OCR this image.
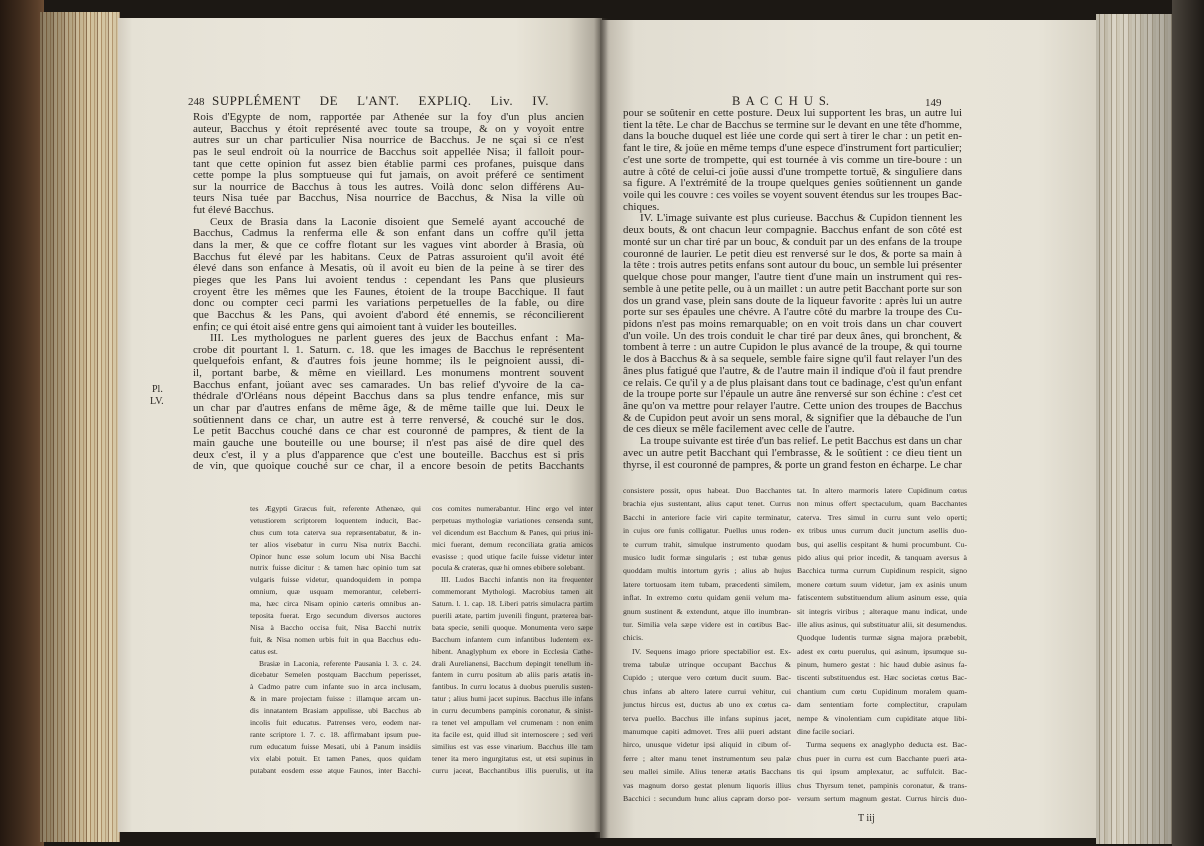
248 SUPPLÉMENT DE L'ANT. EXPLIQ. Liv. IV.
Pl.
LV.
Rois d'Egypte de nom, rapportée par Athenée sur la foy d'un plus ancien
auteur, Bacchus y étoit représenté avec toute sa troupe, & on y voyoit entre
autres sur un char particulier Nisa nourrice de Bacchus. Je ne sçai si ce n'est
pas le seul endroit où la nourrice de Bacchus soit appellée Nisa; il falloit pour-
tant que cette opinion fut assez bien établie parmi ces profanes, puisque dans
cette pompe la plus somptueuse qui fut jamais, on avoit préferé ce sentiment
sur la nourrice de Bacchus à tous les autres. Voilà donc selon différens Au-
teurs Nisa tuée par Bacchus, Nisa nourrice de Bacchus, & Nisa la ville où
fut élevé Bacchus.
Ceux de Brasia dans la Laconie disoient que Semelé ayant accouché de
Bacchus, Cadmus la renferma elle & son enfant dans un coffre qu'il jetta
dans la mer, & que ce coffre flotant sur les vagues vint aborder à Brasia, où
Bacchus fut élevé par les habitans. Ceux de Patras assuroient qu'il avoit été
élevé dans son enfance à Mesatis, où il avoit eu bien de la peine à se tirer des
pieges que les Pans lui avoient tendus : cependant les Pans que plusieurs
croyent être les mêmes que les Faunes, étoient de la troupe Bacchique. Il faut
donc ou compter ceci parmi les variations perpetuelles de la fable, ou dire
que Bacchus & les Pans, qui avoient d'abord été ennemis, se réconcilierent
enfin; ce qui étoit aisé entre gens qui aimoient tant à vuider les bouteilles.
III. Les mythologues ne parlent gueres des jeux de Bacchus enfant : Ma-
crobe dit pourtant l. 1. Saturn. c. 18. que les images de Bacchus le représentent
quelquefois enfant, & d'autres fois jeune homme; ils le peignoient aussi, di-
il, portant barbe, & même en vieillard. Les monumens montrent souvent
Bacchus enfant, joüant avec ses camarades. Un bas relief d'yvoire de la ca-
thédrale d'Orléans nous dépeint Bacchus dans sa plus tendre enfance, mis sur
un char par d'autres enfans de même âge, & de même taille que lui. Deux le
soûtiennent dans ce char, un autre est à terre renversé, & couché sur le dos.
Le petit Bacchus couché dans ce char est couronné de pampres, & tient de la
main gauche une bouteille ou une bourse; il n'est pas aisé de dire quel des
deux c'est, il y a plus d'apparence que c'est une bouteille. Bacchus est si pris
de vin, que quoique couché sur ce char, il a encore besoin de petits Bacchants
tes Ægypti Græcus fuit, referente Athenæo, qui
vetustiorem scriptorem loquentem inducit, Bac-
chus cum tota caterva sua repræsentabatur, & in-
ter alios visebatur in curru Nisa nutrix Bacchi.
Opinor hunc esse solum locum ubi Nisa Bacchi
nutrix fuisse dicitur : & tamen hæc opinio tum sat
vulgaris fuisse videtur, quandoquidem in pompa
omnium, quæ usquam memorantur, celeberri-
ma, hæc circa Nisam opinio cæteris omnibus an-
teposita fuerat. Ergo secundum diversos auctores
Nisa à Baccho occisa fuit, Nisa Bacchi nutrix
fuit, & Nisa nomen urbis fuit in qua Bacchus edu-
catus est.
Brasiæ in Laconia, referente Pausania l. 3. c. 24.
dicebatur Semelen postquam Bacchum peperisset,
à Cadmo patre cum infante suo in arca inclusam,
& in mare projectam fuisse : illamque arcam un-
dis innatantem Brasiam appulisse, ubi Bacchus ab
incolis fuit educatus. Patrenses vero, eodem nar-
rante scriptore l. 7. c. 18. affirmabant ipsum pue-
rum educatum fuisse Mesati, ubi à Panum insidiis
vix elabi potuit. Et tamen Panes, quos quidam
putabant eosdem esse atque Faunos, inter Bacchi-
cos comites numerabantur. Hinc ergo vel inter
perpetuas mythologiæ variationes censenda sunt,
vel dicendum est Bacchum & Panes, qui prius ini-
mici fuerant, demum reconciliata gratia amicos
evasisse ; quod utique facile fuisse videtur inter
pocula & crateras, quæ hi omnes ebibere solebant.
III. Ludos Bacchi infantis non ita frequenter
commemorant Mythologi. Macrobius tamen ait
Saturn. l. 1. cap. 18. Liberi patris simulacra partim
puerili ætate, partim juvenili fingunt, præterea bar-
bata specie, senili quoque. Monumenta vero sæpe
Bacchum infantem cum infantibus ludentem ex-
hibent. Anaglyphum ex ebore in Ecclesia Cathe-
drali Aurelianensi, Bacchum depingit tenellum in-
fantem in curru positum ab aliis paris ætatis in-
fantibus. In curru locatus à duobus puerulis susten-
tatur ; alius humi jacet supinus. Bacchus ille infans
in curru decumbens pampinis coronatur, & sinist-
ra tenet vel ampullam vel crumenam : non enim
ita facile est, quid illud sit internoscere ; sed veri
similius est vas esse vinarium. Bacchus ille tam
tener ita mero ingurgitatus est, ut etsi supinus in
curru jaceat, Bacchantibus illis puerulis, ut ita
B A C C H U S.	149
pour se soûtenir en cette posture. Deux lui supportent les bras, un autre lui
tient la tête. Le char de Bacchus se termine sur le devant en une tête d'homme,
dans la bouche duquel est liée une corde qui sert à tirer le char : un petit en-
fant le tire, & joüe en même temps d'une espece d'instrument fort particulier;
c'est une sorte de trompette, qui est tournée à vis comme un tire-boure : un
autre à côté de celui-ci joüe aussi d'une trompette tortuë, & singuliere dans
sa figure. A l'extrémité de la troupe quelques genies soûtiennent un gande
voile qui les couvre : ces voiles se voyent souvent étendus sur les troupes Bac-
chiques.
IV. L'image suivante est plus curieuse. Bacchus & Cupidon tiennent les
deux bouts, & ont chacun leur compagnie. Bacchus enfant de son côté est
monté sur un char tiré par un bouc, & conduit par un des enfans de la troupe
couronné de laurier. Le petit dieu est renversé sur le dos, & porte sa main à
la tête : trois autres petits enfans sont autour du bouc, un semble lui présenter
quelque chose pour manger, l'autre tient d'une main un instrument qui res-
semble à une petite pelle, ou à un maillet : un autre petit Bacchant porte sur son
dos un grand vase, plein sans doute de la liqueur favorite : après lui un autre
porte sur ses épaules une chévre. A l'autre côté du marbre la troupe des Cu-
pidons n'est pas moins remarquable; on en voit trois dans un char couvert
d'un voile. Un des trois conduit le char tiré par deux ânes, qui bronchent, &
tombent à terre : un autre Cupidon le plus avancé de la troupe, & qui tourne
le dos à Bacchus & à sa sequele, semble faire signe qu'il faut relayer l'un des
ânes plus fatigué que l'autre, & de l'autre main il indique d'où il faut prendre
ce relais. Ce qu'il y a de plus plaisant dans tout ce badinage, c'est qu'un enfant
de la troupe porte sur l'épaule un autre âne renversé sur son échine : c'est cet
âne qu'on va mettre pour relayer l'autre. Cette union des troupes de Bacchus
& de Cupidon peut avoir un sens moral, & signifier que la débauche de l'un
de ces dieux se mêle facilement avec celle de l'autre.
La troupe suivante est tirée d'un bas relief. Le petit Bacchus est dans un char
avec un autre petit Bacchant qui l'embrasse, & le soûtient : ce dieu tient un
thyrse, il est couronné de pampres, & porte un grand feston en écharpe. Le char
consistere possit, opus habeat. Duo Bacchantes
brachia ejus sustentant, alius caput tenet. Currus
Bacchi in anteriore facie viri capite terminatur,
in cujus ore funis colligatur. Puellus unus roden-
te currum trahit, simulque instrumento quodam
musico ludit formæ singularis ; est tubæ genus
quoddam multis intortum gyris ; alius ab hujus
latere tortuosam item tubam, præcedenti similem,
inflat. In extremo cœtu quidam genii velum ma-
gnum sustinent & extendunt, atque illo inumbran-
tur. Similia vela sæpe videre est in cœtibus Bac-
chicis.
IV. Sequens imago priore spectabilior est. Ex-
trema tabulæ utrinque occupant Bacchus &
Cupido ; uterque vero cœtum ducit suum. Bac-
chus infans ab altero latere currui vehitur, cui
junctus hircus est, ductus ab uno ex cœtus ca-
terva puello. Bacchus ille infans supinus jacet,
manumque capiti admovet. Tres alii pueri adstant
hirco, unusque videtur ipsi aliquid in cibum of-
ferre ; alter manu tenet instrumentum seu palæ
seu mallei simile. Alius teneræ ætatis Bacchans
vas magnum dorso gestat plenum liquoris illius
Bacchici : secundum hunc alius capram dorso por-
tat. In altero marmoris latere Cupidinum cœtus
non minus offert spectaculum, quam Bacchantes
caterva. Tres simul in curru sunt velo operti;
ex tribus unus currum ducit junctum asellis duo-
bus, qui asellis cespitant & humi procumbunt. Cu-
pido alius qui prior incedit, & tanquam aversus à
Bacchica turma currum Cupidinum respicit, signo
monere cœtum suum videtur, jam ex asinis unum
fatiscentem substituendum alium asinum esse, quia
sit integris viribus ; alteraque manu indicat, unde
ille alius asinus, qui substituatur alii, sit desumendus.
Quodque ludentis turmæ signa majora præbebit,
adest ex cœtu puerulus, qui asinum, ipsumque su-
pinum, humero gestat : hic haud dubie asinus fa-
tiscenti substituendus est. Hæc societas cœtus Bac-
chantium cum cœtu Cupidinum moralem quam-
dam sententiam forte complectitur, crapulam
nempe & vinolentiam cum cupiditate atque libi-
dine facile sociari.
Turma sequens ex anaglypho deducta est. Bac-
chus puer in curru est cum Bacchante pueri æta-
tis qui ipsum amplexatur, ac suffulcit. Bac-
chus Thyrsum tenet, pampinis coronatur, & trans-
versum sertum magnum gestat. Currus hircis duo-
T iij
